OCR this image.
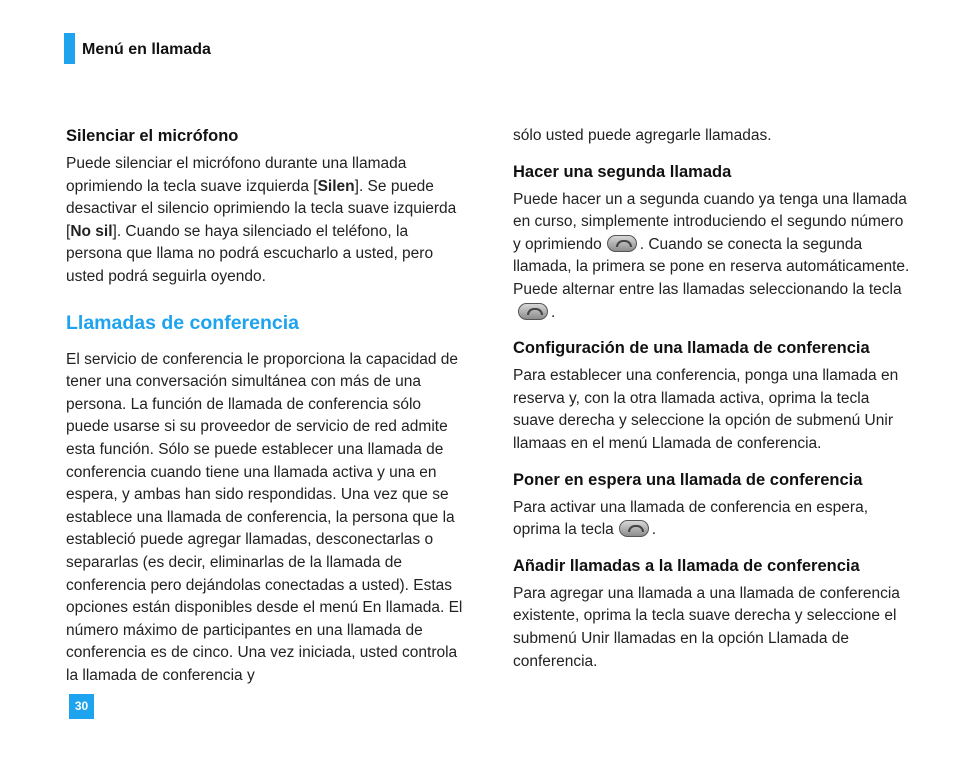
Menú en llamada
Silenciar el micrófono

Puede silenciar el micrófono durante una llamada oprimiendo la tecla suave izquierda [Silen]. Se puede desactivar el silencio oprimiendo la tecla suave izquierda [No sil]. Cuando se haya silenciado el teléfono, la persona que llama no podrá escucharlo a usted, pero usted podrá seguirla oyendo.

Llamadas de conferencia

El servicio de conferencia le proporciona la capacidad de tener una conversación simultánea con más de una persona. La función de llamada de conferencia sólo puede usarse si su proveedor de servicio de red admite esta función. Sólo se puede establecer una llamada de conferencia cuando tiene una llamada activa y una en espera, y ambas han sido respondidas. Una vez que se establece una llamada de conferencia, la persona que la estableció puede agregar llamadas, desconectarlas o separarlas (es decir, eliminarlas de la llamada de conferencia pero dejándolas conectadas a usted). Estas opciones están disponibles desde el menú En llamada. El número máximo de participantes en una llamada de conferencia es de cinco. Una vez iniciada, usted controla la llamada de conferencia y

sólo usted puede agregarle llamadas.

Hacer una segunda llamada

Puede hacer un a segunda cuando ya tenga una llamada en curso, simplemente introduciendo el segundo número y oprimiendo . Cuando se conecta la segunda llamada, la primera se pone en reserva automáticamente. Puede alternar entre las llamadas seleccionando la tecla.

Configuración de una llamada de conferencia

Para establecer una conferencia, ponga una llamada en reserva y, con la otra llamada activa, oprima la tecla suave derecha y seleccione la opción de submenú Unir llamaas en el menú Llamada de conferencia.

Poner en espera una llamada de conferencia

Para activar una llamada de conferencia en espera, oprima la tecla .

Añadir llamadas a la llamada de conferencia

Para agregar una llamada a una llamada de conferencia existente, oprima la tecla suave derecha y seleccione el submenú Unir llamadas en la opción Llamada de conferencia.

30
